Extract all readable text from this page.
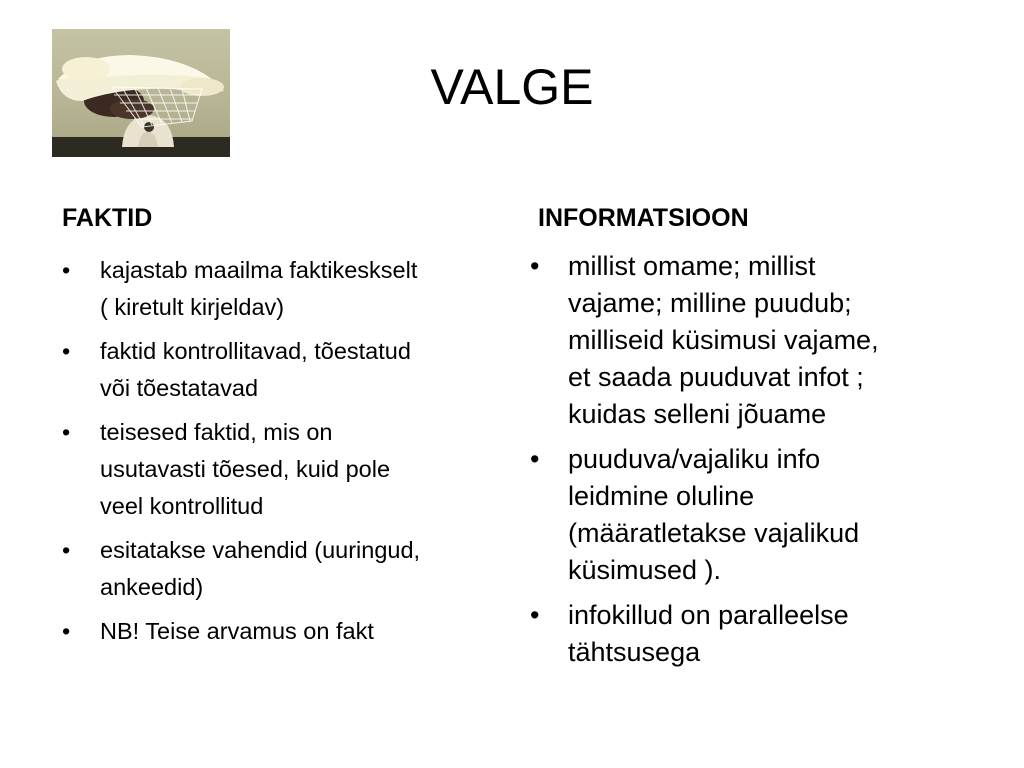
VALGE
FAKTID	INFORMATSIOON
• kajastab maailma faktikeskselt
( kiretult kirjeldav)
• faktid kontrollitavad, tõestatud
või tõestatavad
• teisesed faktid, mis on
usutavasti tõesed, kuid pole
veel kontrollitud
• esitatakse vahendid (uuringud,
ankeedid)
• NB! Teise arvamus on fakt
• millist omame; millist
vajame; milline puudub;
milliseid küsimusi vajame,
et saada puuduvat infot ;
kuidas selleni jõuame
• puuduva/vajaliku info
leidmine oluline
(määratletakse vajalikud
küsimused ).
• infokillud on paralleelse
tähtsusega
